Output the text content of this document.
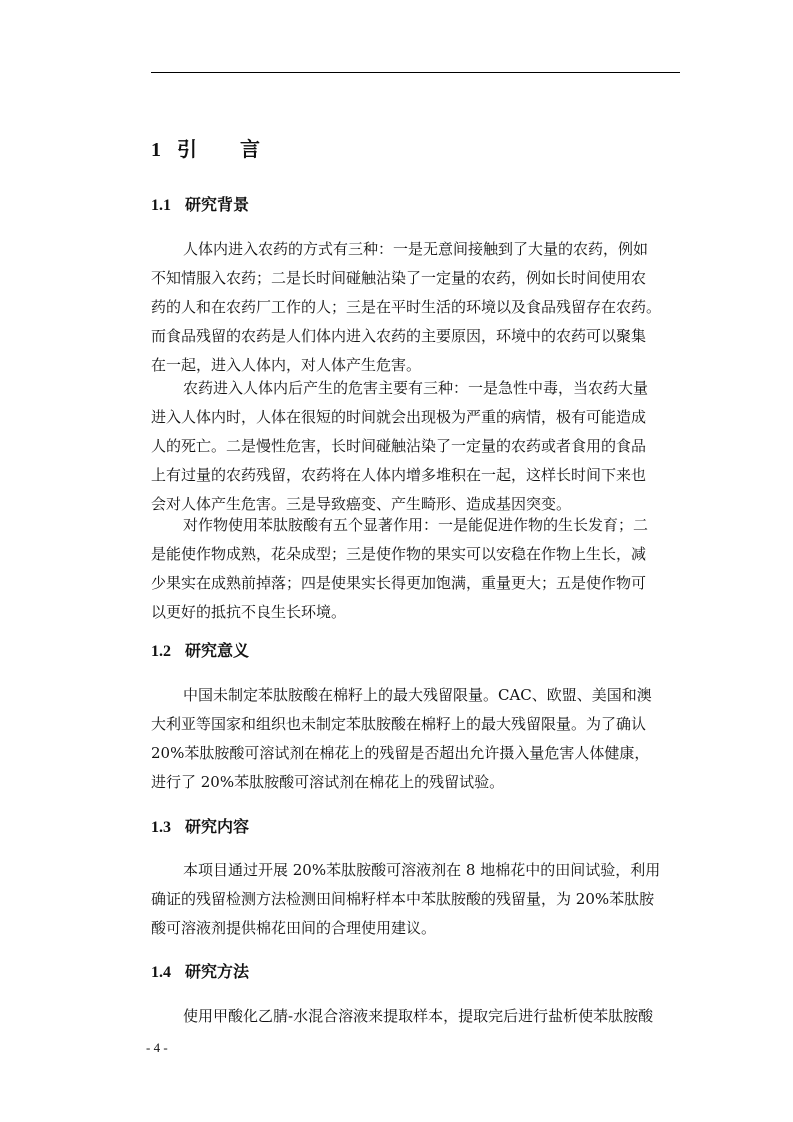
1 引 言
1.1 研究背景
人体内进入农药的方式有三种：一是无意间接触到了大量的农药，例如
不知情服入农药；二是长时间碰触沾染了一定量的农药，例如长时间使用农
药的人和在农药厂工作的人；三是在平时生活的环境以及食品残留存在农药。
而食品残留的农药是人们体内进入农药的主要原因，环境中的农药可以聚集
在一起，进入人体内，对人体产生危害。
农药进入人体内后产生的危害主要有三种：一是急性中毒，当农药大量
进入人体内时，人体在很短的时间就会出现极为严重的病情，极有可能造成
人的死亡。二是慢性危害，长时间碰触沾染了一定量的农药或者食用的食品
上有过量的农药残留，农药将在人体内增多堆积在一起，这样长时间下来也
会对人体产生危害。三是导致癌变、产生畸形、造成基因突变。
对作物使用苯肽胺酸有五个显著作用：一是能促进作物的生长发育；二
是能使作物成熟，花朵成型；三是使作物的果实可以安稳在作物上生长，减
少果实在成熟前掉落；四是使果实长得更加饱满，重量更大；五是使作物可
以更好的抵抗不良生长环境。
1.2 研究意义
中国未制定苯肽胺酸在棉籽上的最大残留限量。CAC、欧盟、美国和澳
大利亚等国家和组织也未制定苯肽胺酸在棉籽上的最大残留限量。为了确认
20%苯肽胺酸可溶试剂在棉花上的残留是否超出允许摄入量危害人体健康，
进行了 20%苯肽胺酸可溶试剂在棉花上的残留试验。
1.3 研究内容
本项目通过开展 20%苯肽胺酸可溶液剂在 8 地棉花中的田间试验，利用
确证的残留检测方法检测田间棉籽样本中苯肽胺酸的残留量，为 20%苯肽胺
酸可溶液剂提供棉花田间的合理使用建议。
1.4 研究方法
使用甲酸化乙腈-水混合溶液来提取样本，提取完后进行盐析使苯肽胺酸
- 4 -
